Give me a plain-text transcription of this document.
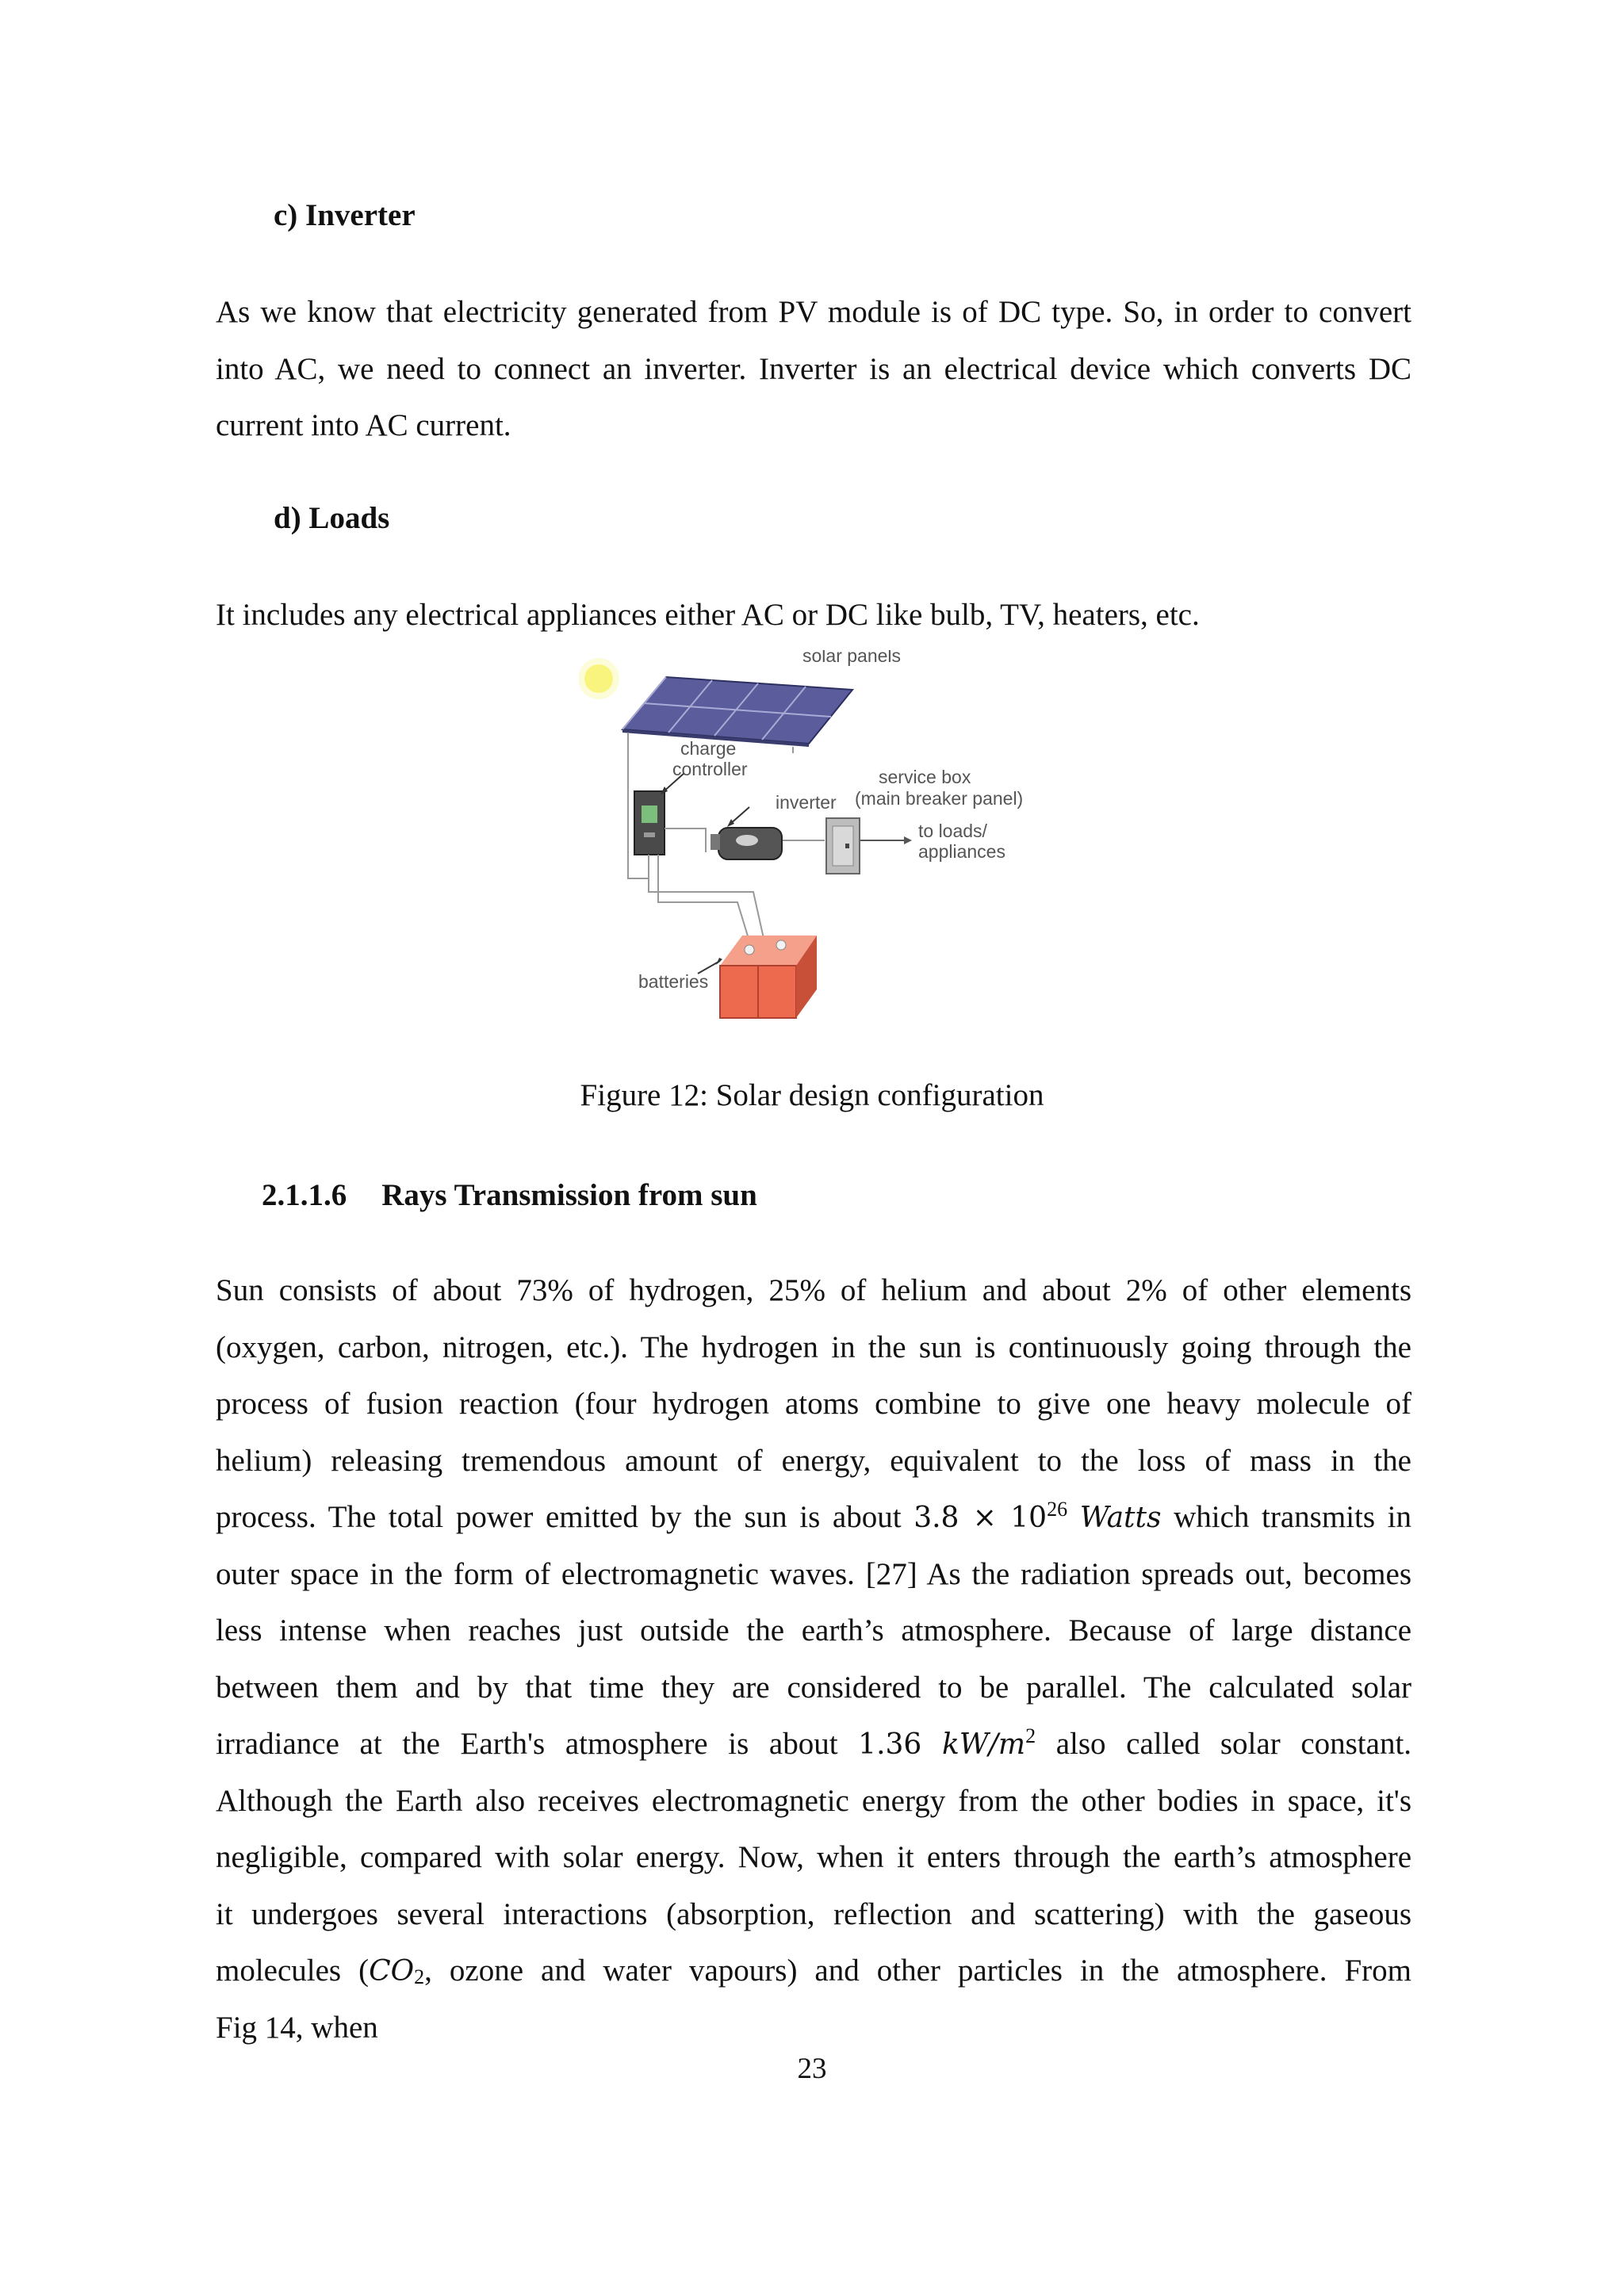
c) Inverter
As we know that electricity generated from PV module is of DC type. So, in order to convert
into AC, we need to connect an inverter. Inverter is an electrical device which converts DC
current into AC current.
d) Loads
It includes any electrical appliances either AC or DC like bulb, TV, heaters, etc.
solar panels
charge
controller
inverter
service box
(main breaker panel)
to loads/
appliances
batteries
Figure 12: Solar design configuration
2.1.1.6 Rays Transmission from sun
Sun consists of about 73% of hydrogen, 25% of helium and about 2% of other elements
(oxygen, carbon, nitrogen, etc.). The hydrogen in the sun is continuously going through the
process of fusion reaction (four hydrogen atoms combine to give one heavy molecule of
helium) releasing tremendous amount of energy, equivalent to the loss of mass in the
process. The total power emitted by the sun is about $3.8 \times 10^{26}$ Watts which transmits in
outer space in the form of electromagnetic waves. [27] As the radiation spreads out, becomes
less intense when reaches just outside the earth’s atmosphere. Because of large distance
between them and by that time they are considered to be parallel. The calculated solar
irradiance at the Earth's atmosphere is about 1.36 $kW/m^2$ also called solar constant.
Although the Earth also receives electromagnetic energy from the other bodies in space, it's
negligible, compared with solar energy. Now, when it enters through the earth’s atmosphere
it undergoes several interactions (absorption, reflection and scattering) with the gaseous
molecules ($CO_2$, ozone and water vapours) and other particles in the atmosphere. From
Fig 14, when
23
